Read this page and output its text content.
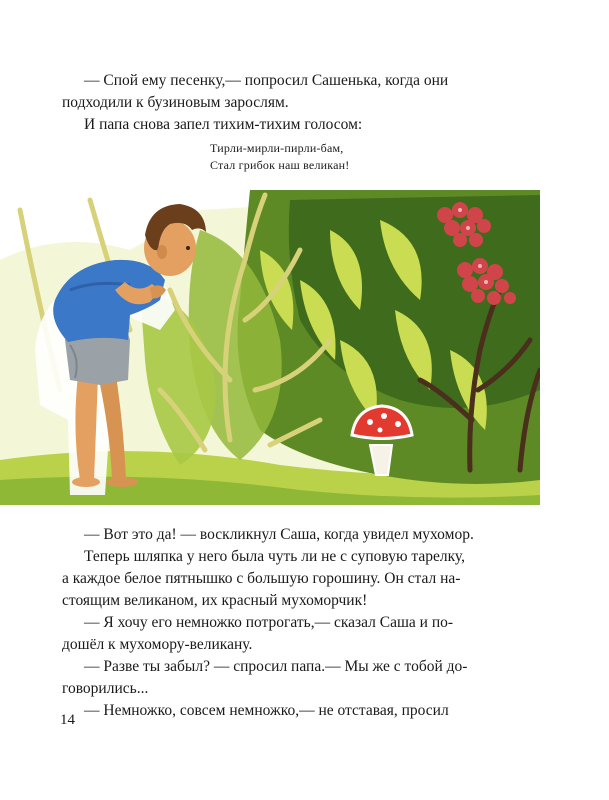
— Спой ему песенку,— попросил Сашенька, когда они
подходили к бузиновым зарослям.

И папа снова запел тихим-тихим голосом:

Тирли-мирли-пирли-бам,
Стал грибок наш великан!

— Вот это да! — воскликнул Саша, когда увидел мухомор.

Теперь шляпка у него была чуть ли не с суповую тарелку,
а каждое белое пятнышко с большую горошину. Он стал на-
стоящим великаном, их красный мухоморчик!

— Я хочу его немножко потрогать,— сказал Саша и по-
дошёл к мухомору-великану.

— Разве ты забыл? — спросил папа.— Мы же с тобой до-
говорились...

— Немножко, совсем немножко,— не отставая, просил

14
